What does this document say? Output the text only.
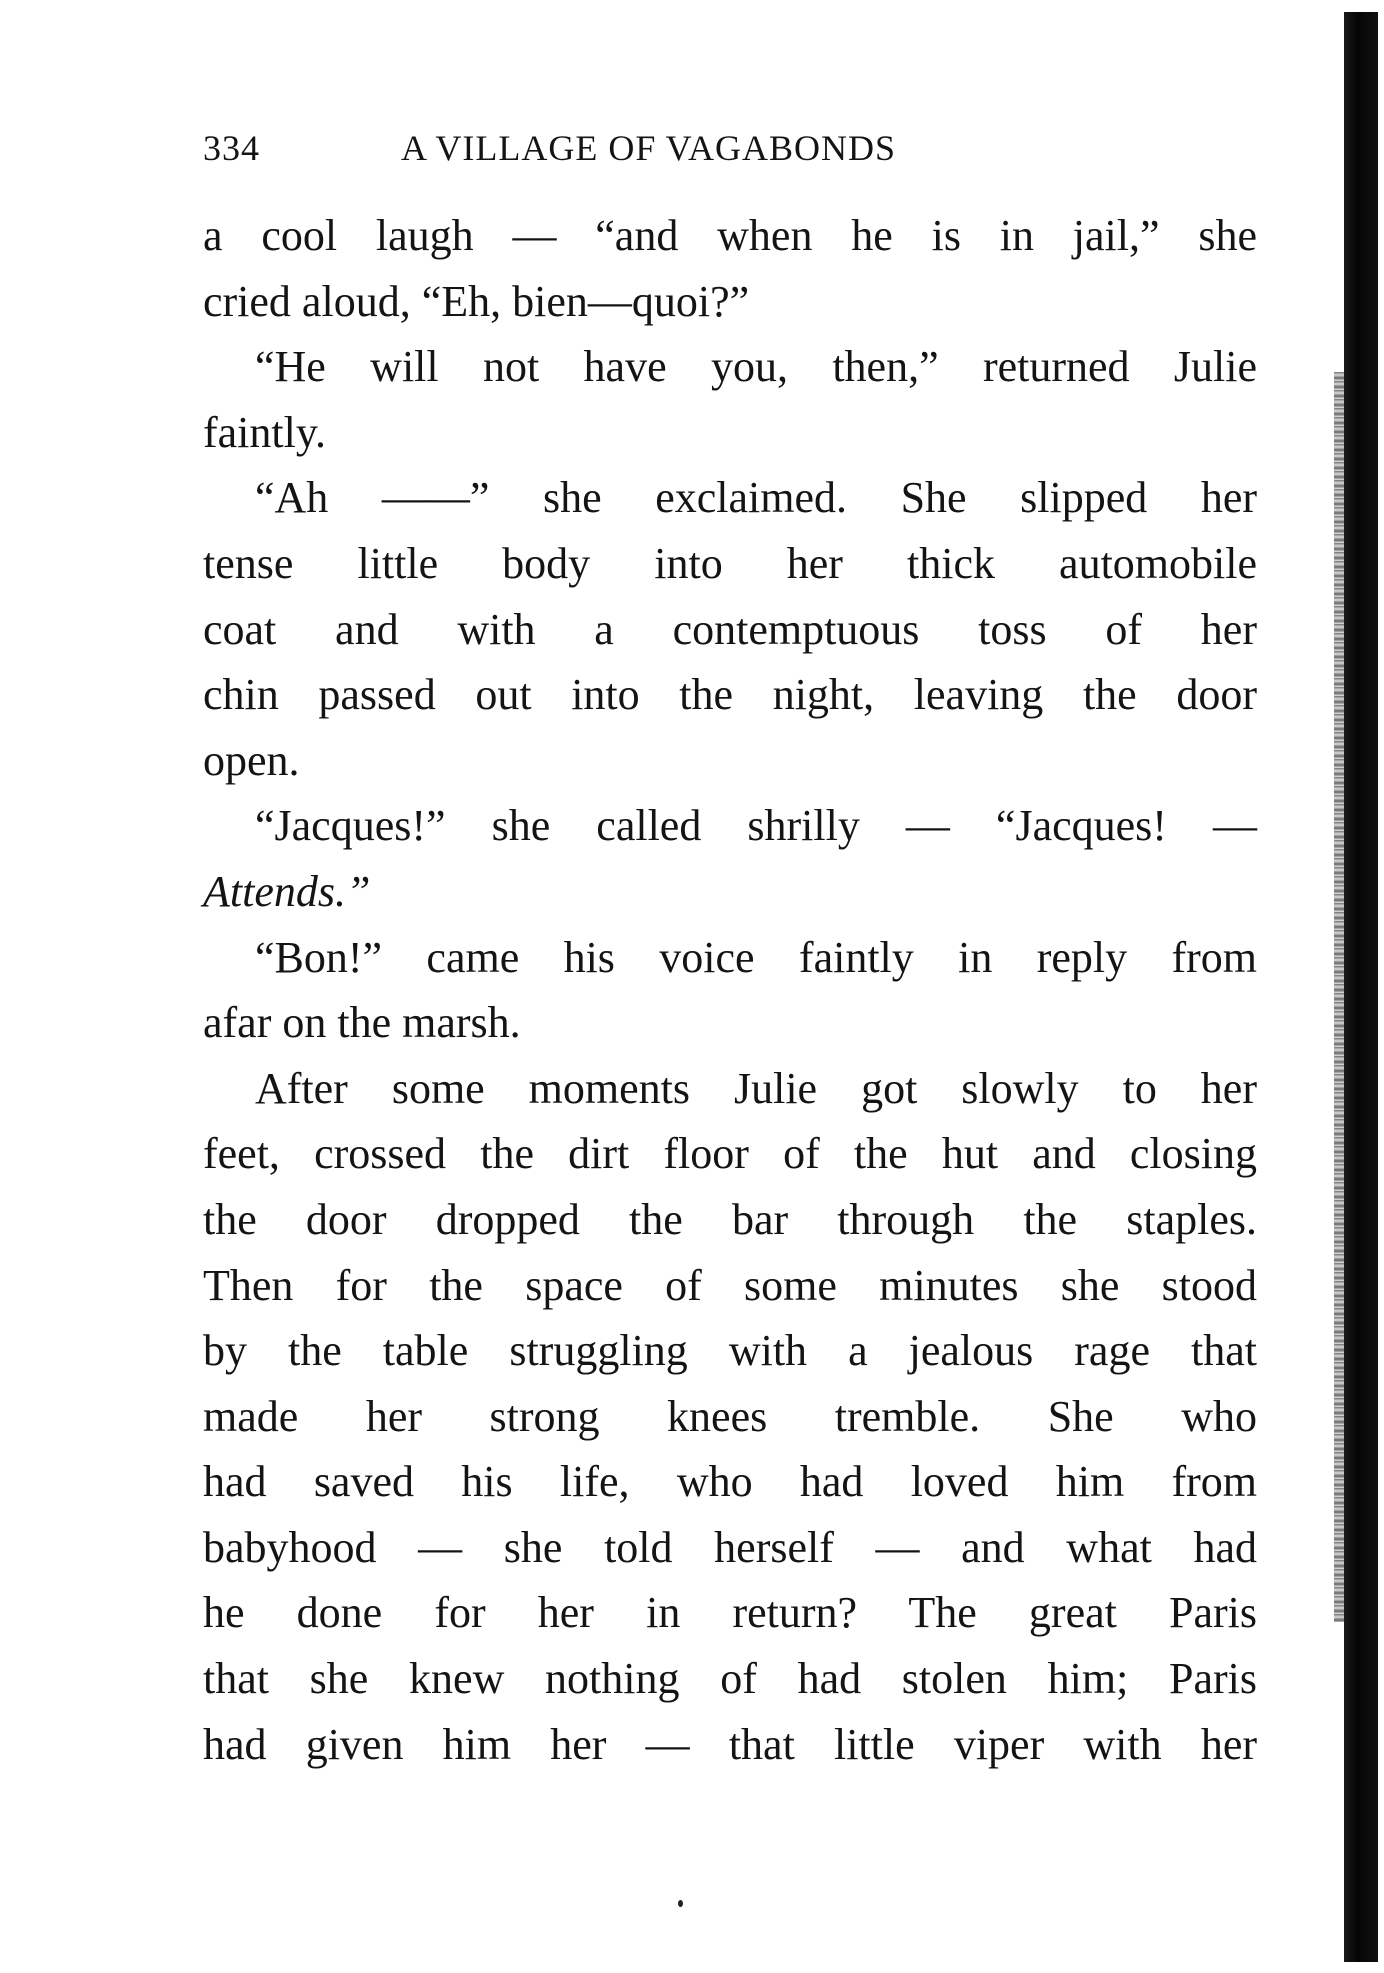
334	A VILLAGE OF VAGABONDS
a cool laugh — “and when he is in jail,” she
cried aloud, “Eh, bien—quoi?”
“He will not have you, then,” returned Julie
faintly.
“Ah ——” she exclaimed. She slipped her
tense little body into her thick automobile
coat and with a contemptuous toss of her
chin passed out into the night, leaving the door
open.
“Jacques!” she called shrilly — “Jacques! —
Attends.”
“Bon!” came his voice faintly in reply from
afar on the marsh.
After some moments Julie got slowly to her
feet, crossed the dirt floor of the hut and closing
the door dropped the bar through the staples.
Then for the space of some minutes she stood
by the table struggling with a jealous rage that
made her strong knees tremble. She who
had saved his life, who had loved him from
babyhood — she told herself — and what had
he done for her in return? The great Paris
that she knew nothing of had stolen him; Paris
had given him her — that little viper with her
